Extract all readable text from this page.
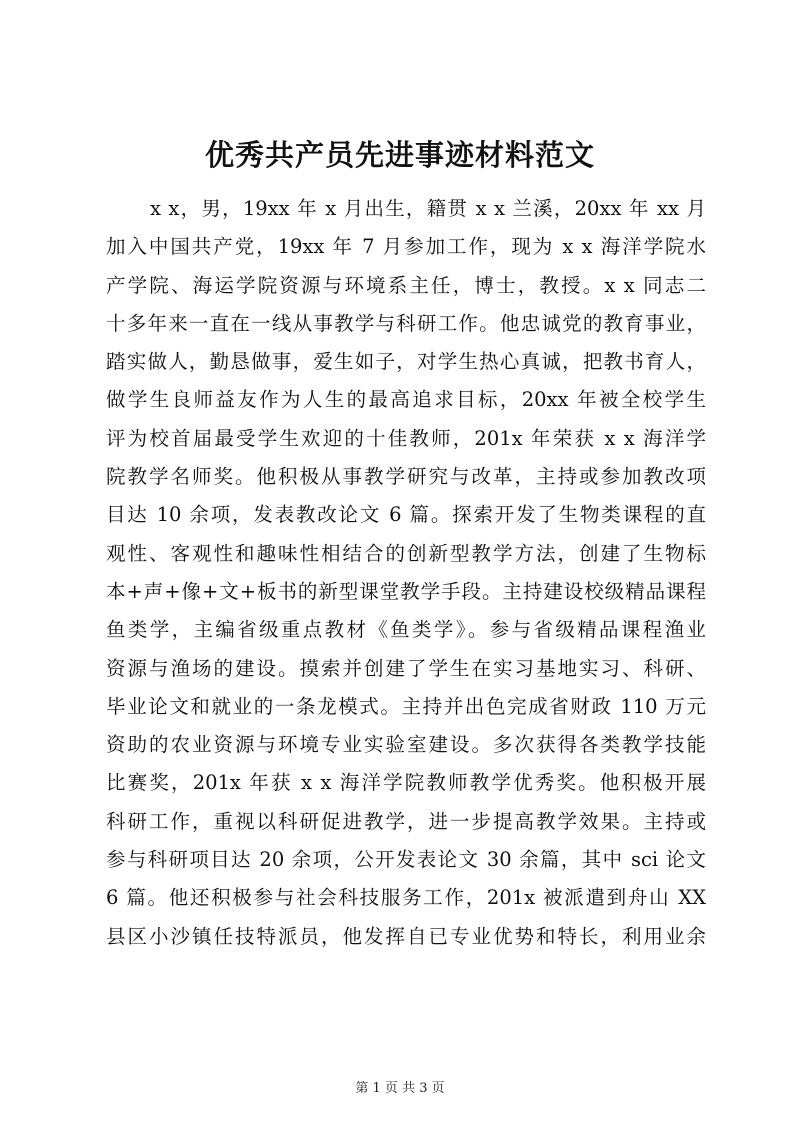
优秀共产员先进事迹材料范文
x x，男，19xx 年 x 月出生，籍贯 x x 兰溪，20xx 年 xx 月
加入中国共产党，19xx 年 7 月参加工作，现为 x x 海洋学院水
产学院、海运学院资源与环境系主任，博士，教授。x x 同志二
十多年来一直在一线从事教学与科研工作。他忠诚党的教育事业，
踏实做人，勤恳做事，爱生如子，对学生热心真诚，把教书育人，
做学生良师益友作为人生的最高追求目标，20xx 年被全校学生
评为校首届最受学生欢迎的十佳教师，201x 年荣获 x x 海洋学
院教学名师奖。他积极从事教学研究与改革，主持或参加教改项
目达 10 余项，发表教改论文 6 篇。探索开发了生物类课程的直
观性、客观性和趣味性相结合的创新型教学方法，创建了生物标
本+声+像+文+板书的新型课堂教学手段。主持建设校级精品课程
鱼类学，主编省级重点教材《鱼类学》。参与省级精品课程渔业
资源与渔场的建设。摸索并创建了学生在实习基地实习、科研、
毕业论文和就业的一条龙模式。主持并出色完成省财政 110 万元
资助的农业资源与环境专业实验室建设。多次获得各类教学技能
比赛奖，201x 年获 x x 海洋学院教师教学优秀奖。他积极开展
科研工作，重视以科研促进教学，进一步提高教学效果。主持或
参与科研项目达 20 余项，公开发表论文 30 余篇，其中 sci 论文
6 篇。他还积极参与社会科技服务工作，201x 被派遣到舟山 XX
县区小沙镇任技特派员，他发挥自已专业优势和特长，利用业余
第 1 页 共 3 页
